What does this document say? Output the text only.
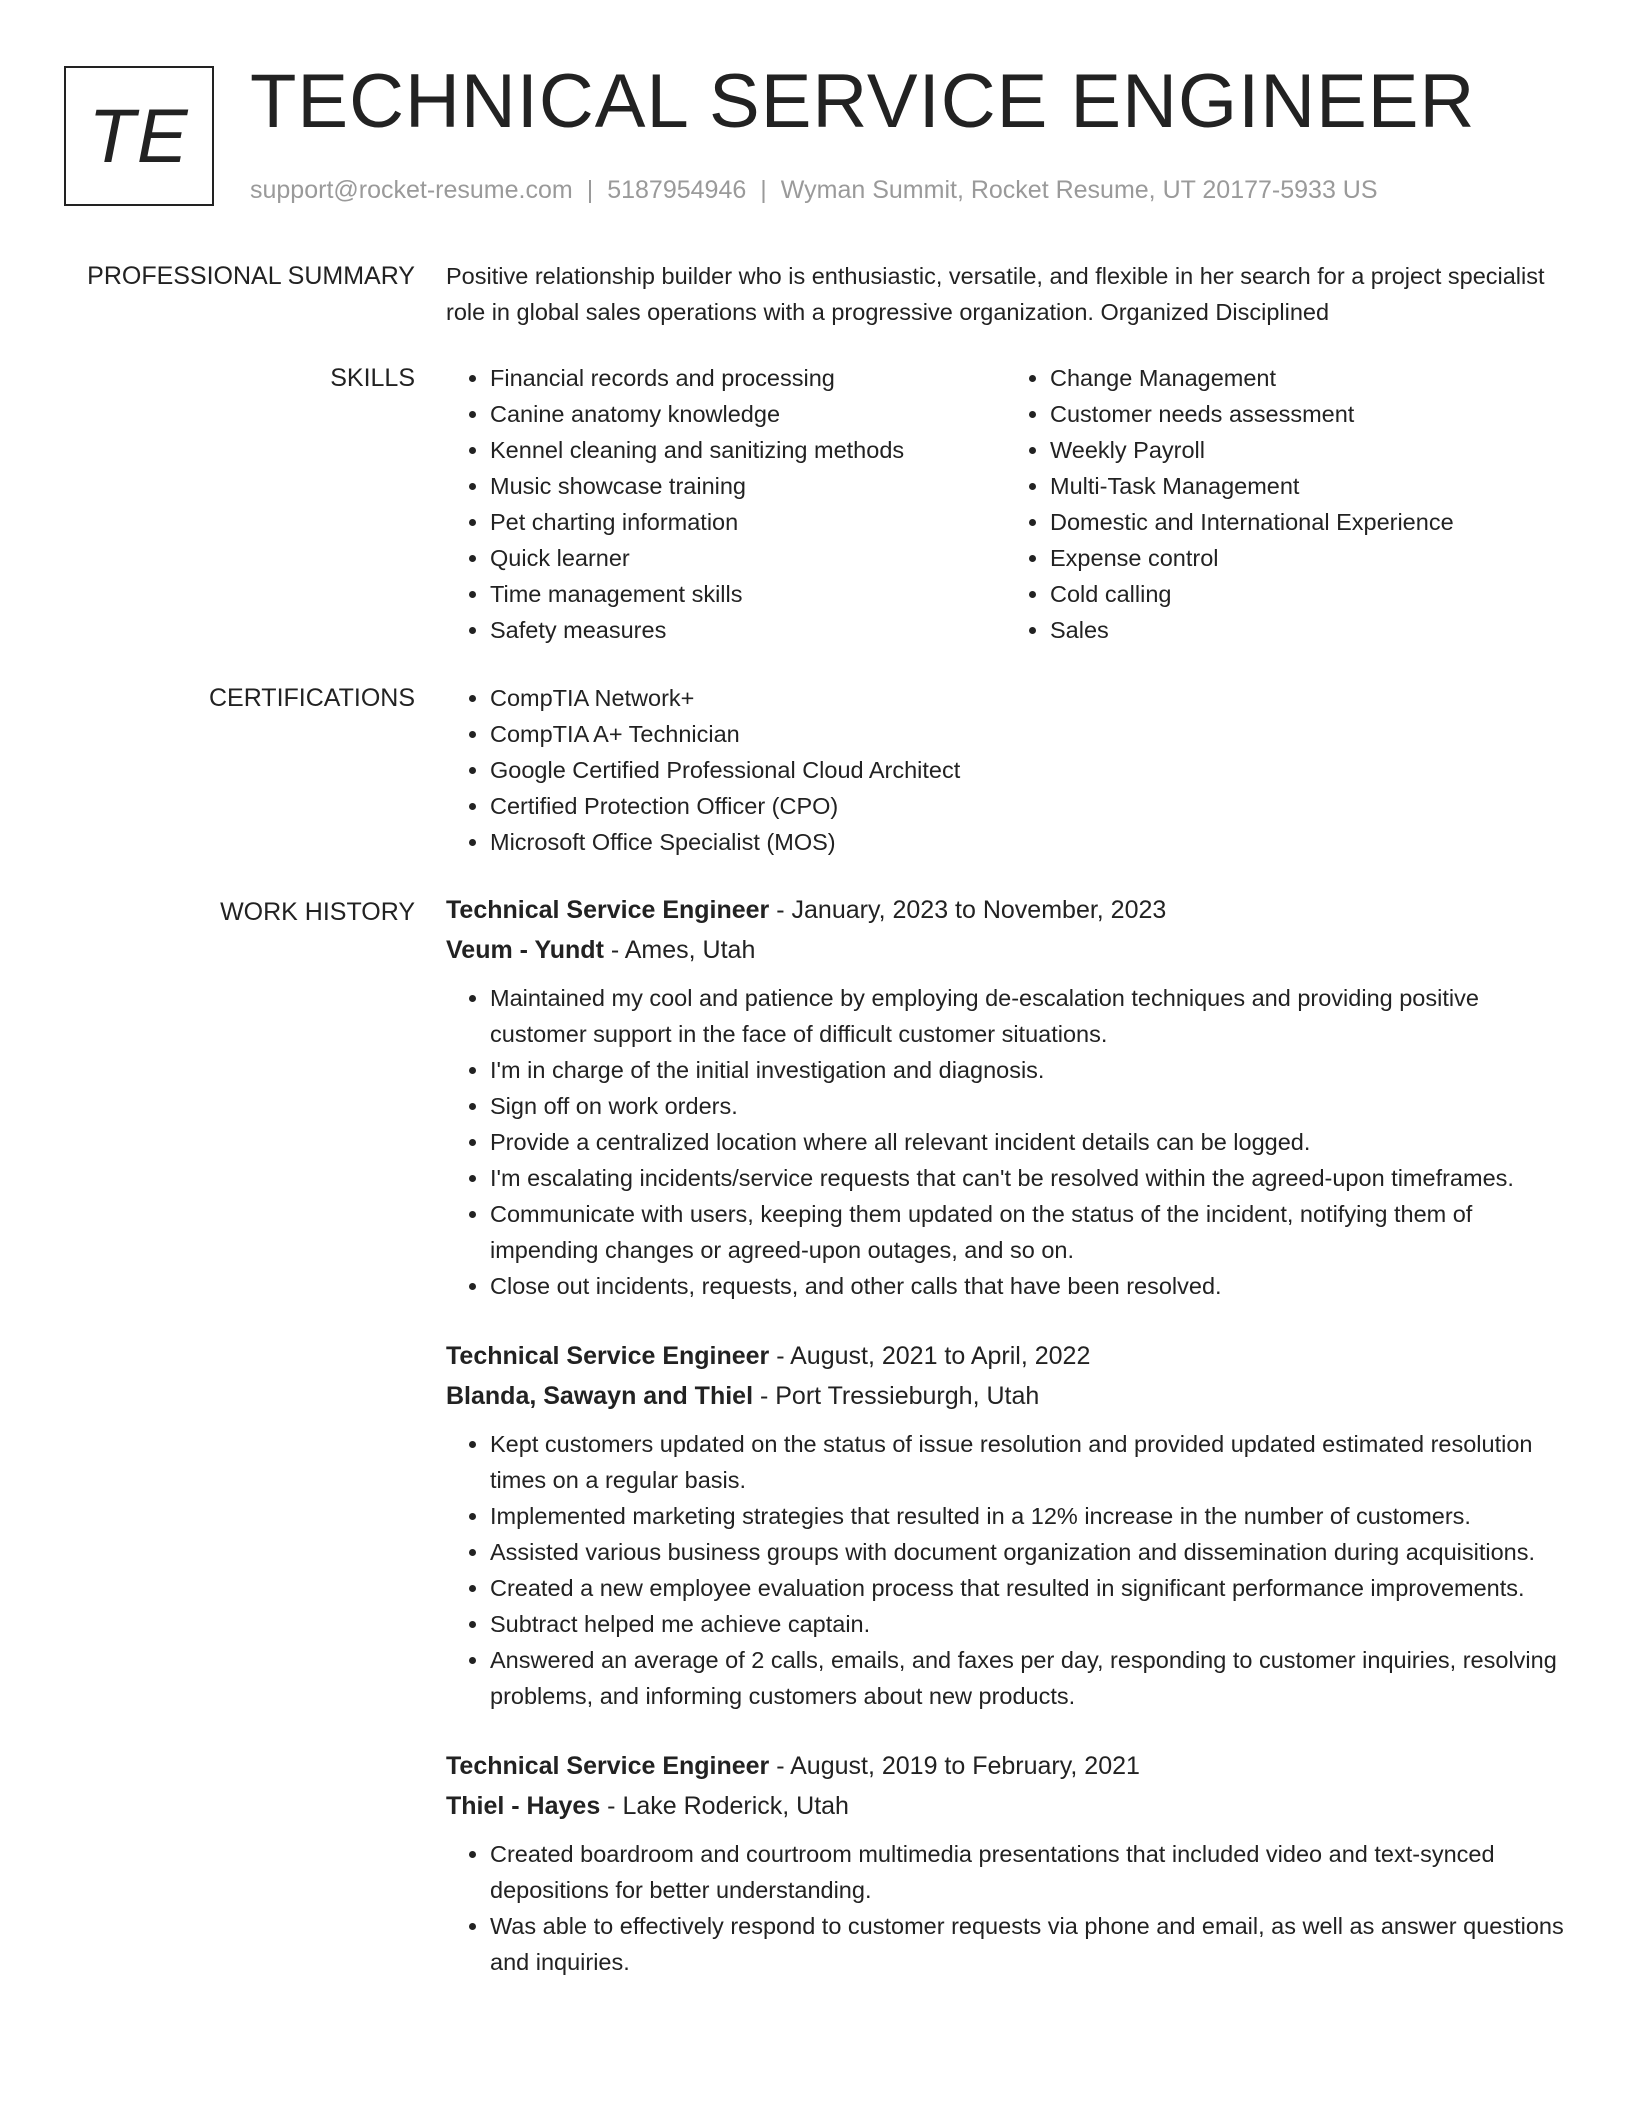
TE TECHNICAL SERVICE ENGINEER
support@rocket-resume.com | 5187954946 | Wyman Summit, Rocket Resume, UT 20177-5933 US
PROFESSIONAL SUMMARY Positive relationship builder who is enthusiastic, versatile, and flexible in her search for a project specialist role in global sales operations with a progressive organization. Organized Disciplined

SKILLS	• Financial records and processing
• Canine anatomy knowledge
• Kennel cleaning and sanitizing methods
• Music showcase training
• Pet charting information
• Quick learner
• Time management skills
• Safety measures
• Change Management
• Customer needs assessment
• Weekly Payroll
• Multi-Task Management
• Domestic and International Experience
• Expense control
• Cold calling
• Sales
CERTIFICATIONS	• CompTIA Network+
• CompTIA A+ Technician
• Google Certified Professional Cloud Architect
• Certified Protection Officer (CPO)
• Microsoft Office Specialist (MOS)
WORK HISTORY Technical Service Engineer - January, 2023 to November, 2023
Veum - Yundt - Ames, Utah
• Maintained my cool and patience by employing de-escalation techniques and providing positive customer support in the face of difficult customer situations.
• I'm in charge of the initial investigation and diagnosis.
• Sign off on work orders.
• Provide a centralized location where all relevant incident details can be logged.
• I'm escalating incidents/service requests that can't be resolved within the agreed-upon timeframes.
• Communicate with users, keeping them updated on the status of the incident, notifying them of impending changes or agreed-upon outages, and so on.
• Close out incidents, requests, and other calls that have been resolved.
Technical Service Engineer - August, 2021 to April, 2022
Blanda, Sawayn and Thiel - Port Tressieburgh, Utah
• Kept customers updated on the status of issue resolution and provided updated estimated resolution times on a regular basis.
• Implemented marketing strategies that resulted in a 12% increase in the number of customers.
• Assisted various business groups with document organization and dissemination during acquisitions.
• Created a new employee evaluation process that resulted in significant performance improvements.
• Subtract helped me achieve captain.
• Answered an average of 2 calls, emails, and faxes per day, responding to customer inquiries, resolving problems, and informing customers about new products.
Technical Service Engineer - August, 2019 to February, 2021
Thiel - Hayes - Lake Roderick, Utah
• Created boardroom and courtroom multimedia presentations that included video and text-synced depositions for better understanding.
• Was able to effectively respond to customer requests via phone and email, as well as answer questions and inquiries.
